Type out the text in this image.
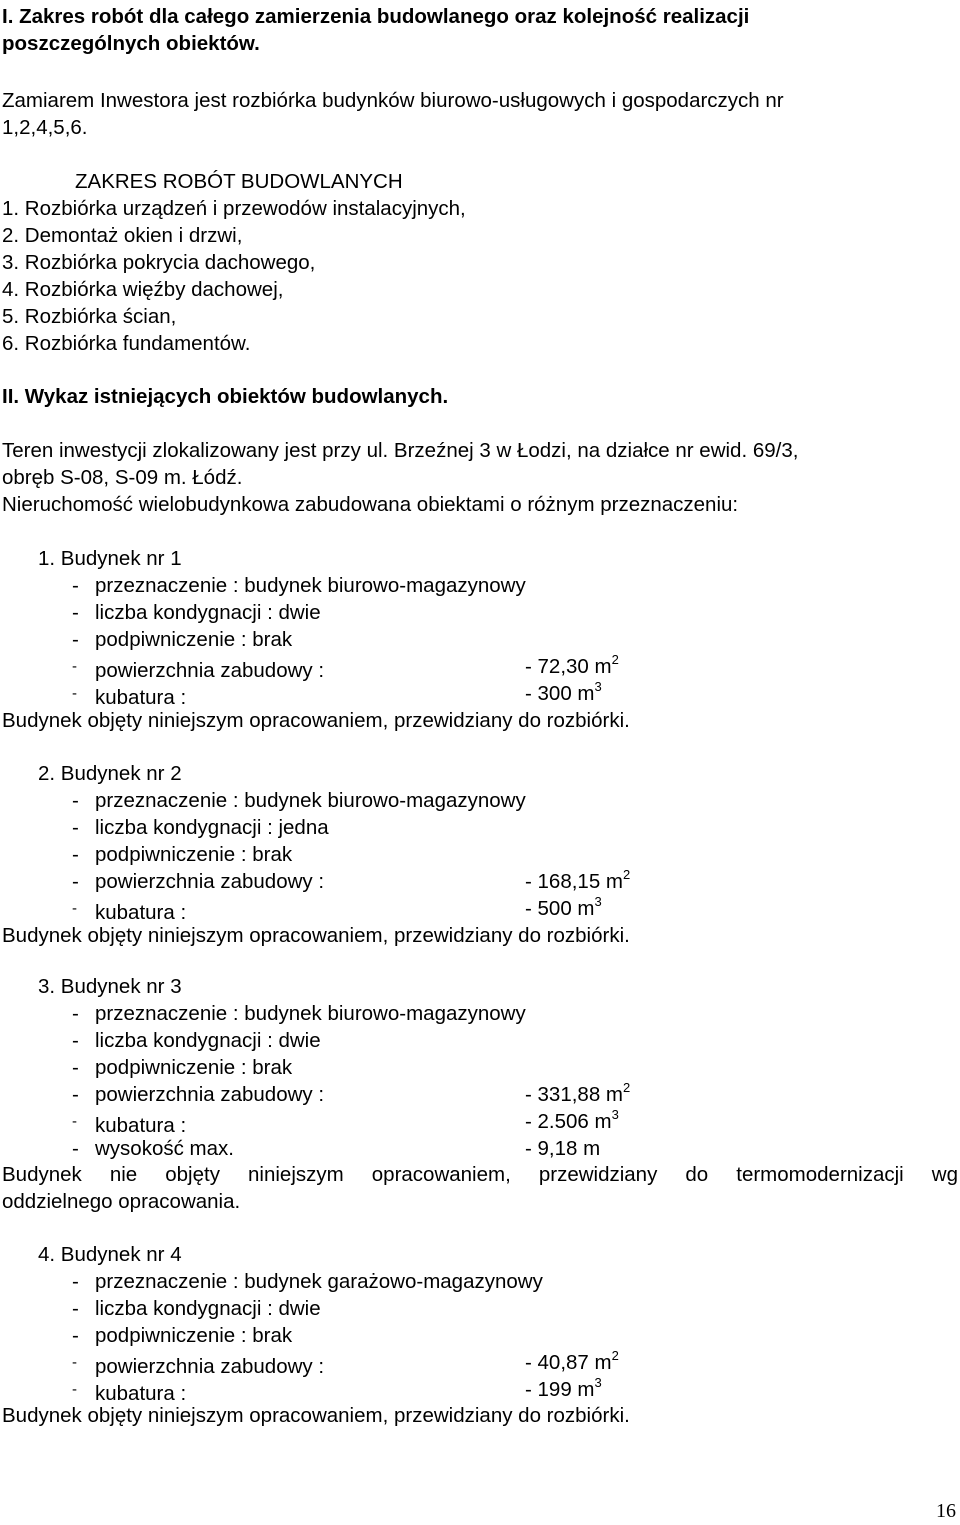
I. Zakres robót dla całego zamierzenia budowlanego oraz kolejność realizacji
poszczególnych obiektów.
Zamiarem Inwestora jest rozbiórka budynków biurowo-usługowych i gospodarczych nr
1,2,4,5,6.
ZAKRES ROBÓT BUDOWLANYCH
1. Rozbiórka urządzeń i przewodów instalacyjnych,
2. Demontaż okien i drzwi,
3. Rozbiórka pokrycia dachowego,
4. Rozbiórka więźby dachowej,
5. Rozbiórka ścian,
6. Rozbiórka fundamentów.
II. Wykaz istniejących obiektów budowlanych.
Teren inwestycji zlokalizowany jest przy ul. Brzeźnej 3 w Łodzi, na działce nr ewid. 69/3,
obręb S-08, S-09 m. Łódź.
Nieruchomość wielobudynkowa zabudowana obiektami o różnym przeznaczeniu:
1. Budynek nr 1
- przeznaczenie : budynek biurowo-magazynowy
- liczba kondygnacji : dwie
- podpiwniczenie : brak
- powierzchnia zabudowy :	- 72,30 $m^2$
- kubatura :	- 300 $m^3$
Budynek objęty niniejszym opracowaniem, przewidziany do rozbiórki.
2. Budynek nr 2
- przeznaczenie : budynek biurowo-magazynowy
- liczba kondygnacji : jedna
- podpiwniczenie : brak
- powierzchnia zabudowy :	- 168,15 $m^2$
- kubatura :	- 500 $m^3$
Budynek objęty niniejszym opracowaniem, przewidziany do rozbiórki.
3. Budynek nr 3
- przeznaczenie : budynek biurowo-magazynowy
- liczba kondygnacji : dwie
- podpiwniczenie : brak
- powierzchnia zabudowy :	- 331,88 $m^2$
- kubatura :	- 2.506 $m^3$
- wysokość max.	- 9,18 m
Budynek nie objęty niniejszym opracowaniem, przewidziany do termomodernizacji wg
oddzielnego opracowania.
4. Budynek nr 4
- przeznaczenie : budynek garażowo-magazynowy
- liczba kondygnacji : dwie
- podpiwniczenie : brak
- powierzchnia zabudowy :	- 40,87 $m^2$
- kubatura :	- 199 $m^3$
Budynek objęty niniejszym opracowaniem, przewidziany do rozbiórki.
16
